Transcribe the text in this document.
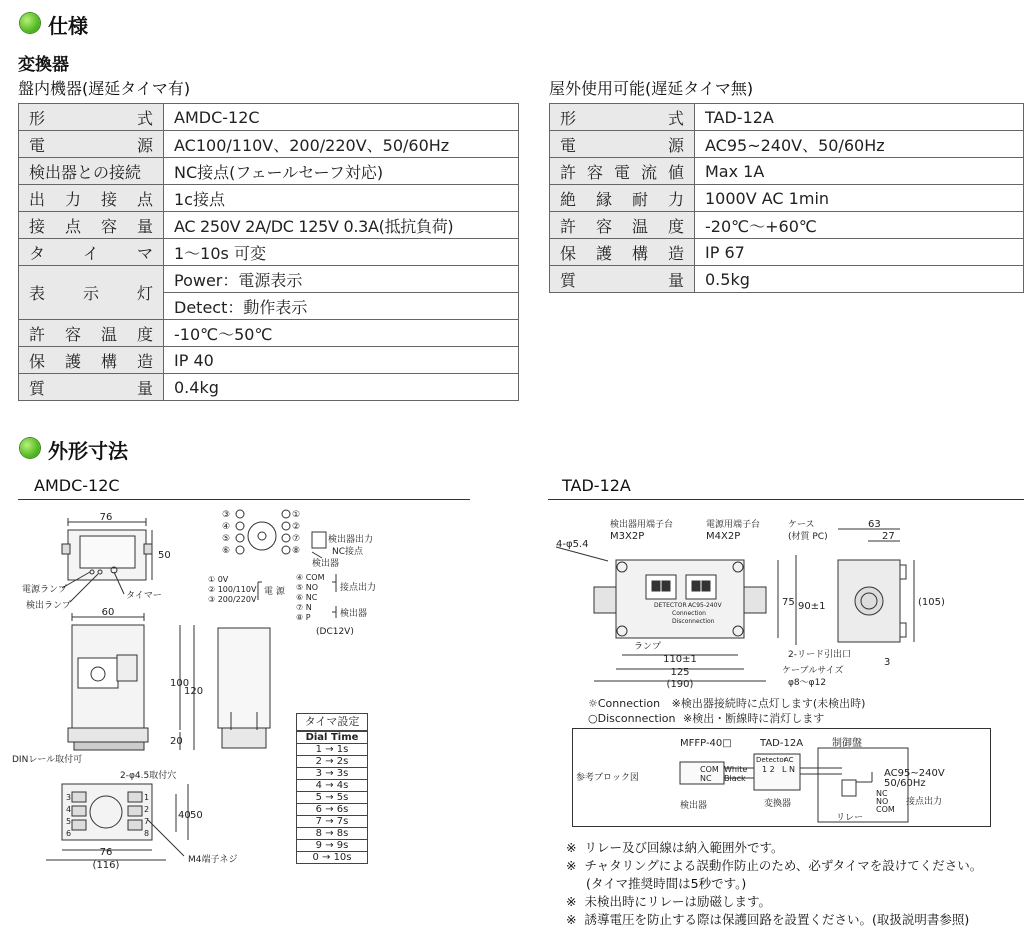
仕様
変換器
盤内機器(遅延タイマ有)	屋外使用可能(遅延タイマ無)
形式	AMDC-12C
電源	AC100/110V、200/220V、50/60Hz
検出器との接続	NC接点(フェールセーフ対応)
出力接点	1c接点
接点容量	AC 250V 2A/DC 125V 0.3A(抵抗負荷)
タイマ	1～10s 可変
表示灯	Power：電源表示
	Detect：動作表示
許容温度	-10℃～50℃
保護構造	IP 40
質量	0.4kg
形式	TAD-12A
電源	AC95~240V、50/60Hz
許容電流値	Max 1A
絶縁耐力	1000V AC 1min
許容温度	-20℃～+60℃
保護構造	IP 67
質量	0.5kg
外形寸法
AMDC-12C	TAD-12A
76
50
電源ランプ
検出ランプ
タイマー
60
100
120
20
DINレール取付可
2-φ4.5取付穴
40 50
76
(116)	M4端子ネジ
3
4
5
6
1
2
7
8
③
④
⑤
⑥
①
②
⑦
⑧
検出器出力
NC接点
検出器
① 0V
② 100/110V
③ 200/220V
電 源
④ COM
⑤ NO
⑥ NC
⑦ N
⑧ P
接点出力
検出器
(DC12V)
タイマ設定
Dial Time
1 → 1s
2 → 2s
3 → 3s
4 → 4s
5 → 5s
6 → 6s
7 → 7s
8 → 8s
9 → 9s
0 → 10s
4-φ5.4
検出器用端子台
M3X2P
電源用端子台
M4X2P
ケース
(材質 PC)
63
27
(105)
75 90±1
110±1
125
(190)
3
ランプ
2-リード引出口
ケーブルサイズ
φ8～φ12
DETECTOR AC95-240V
Connection
Disconnection
☼Connection ※検出器接続時に点灯します(未検出時)
○Disconnection ※検出・断線時に消灯します
参考ブロック図
MFFP-40□	TAD-12A	制御盤
COM
NC
White
Black
Detector
1 2
AC
L N
検出器	変換器
リレー
AC95~240V
50/60Hz
NC
NO
COM
接点出力
※ リレー及び回線は納入範囲外です。
※ チャタリングによる誤動作防止のため、必ずタイマを設けてください。
(タイマ推奨時間は5秒です。)
※ 未検出時にリレーは励磁します。
※ 誘導電圧を防止する際は保護回路を設置ください。(取扱説明書参照)
